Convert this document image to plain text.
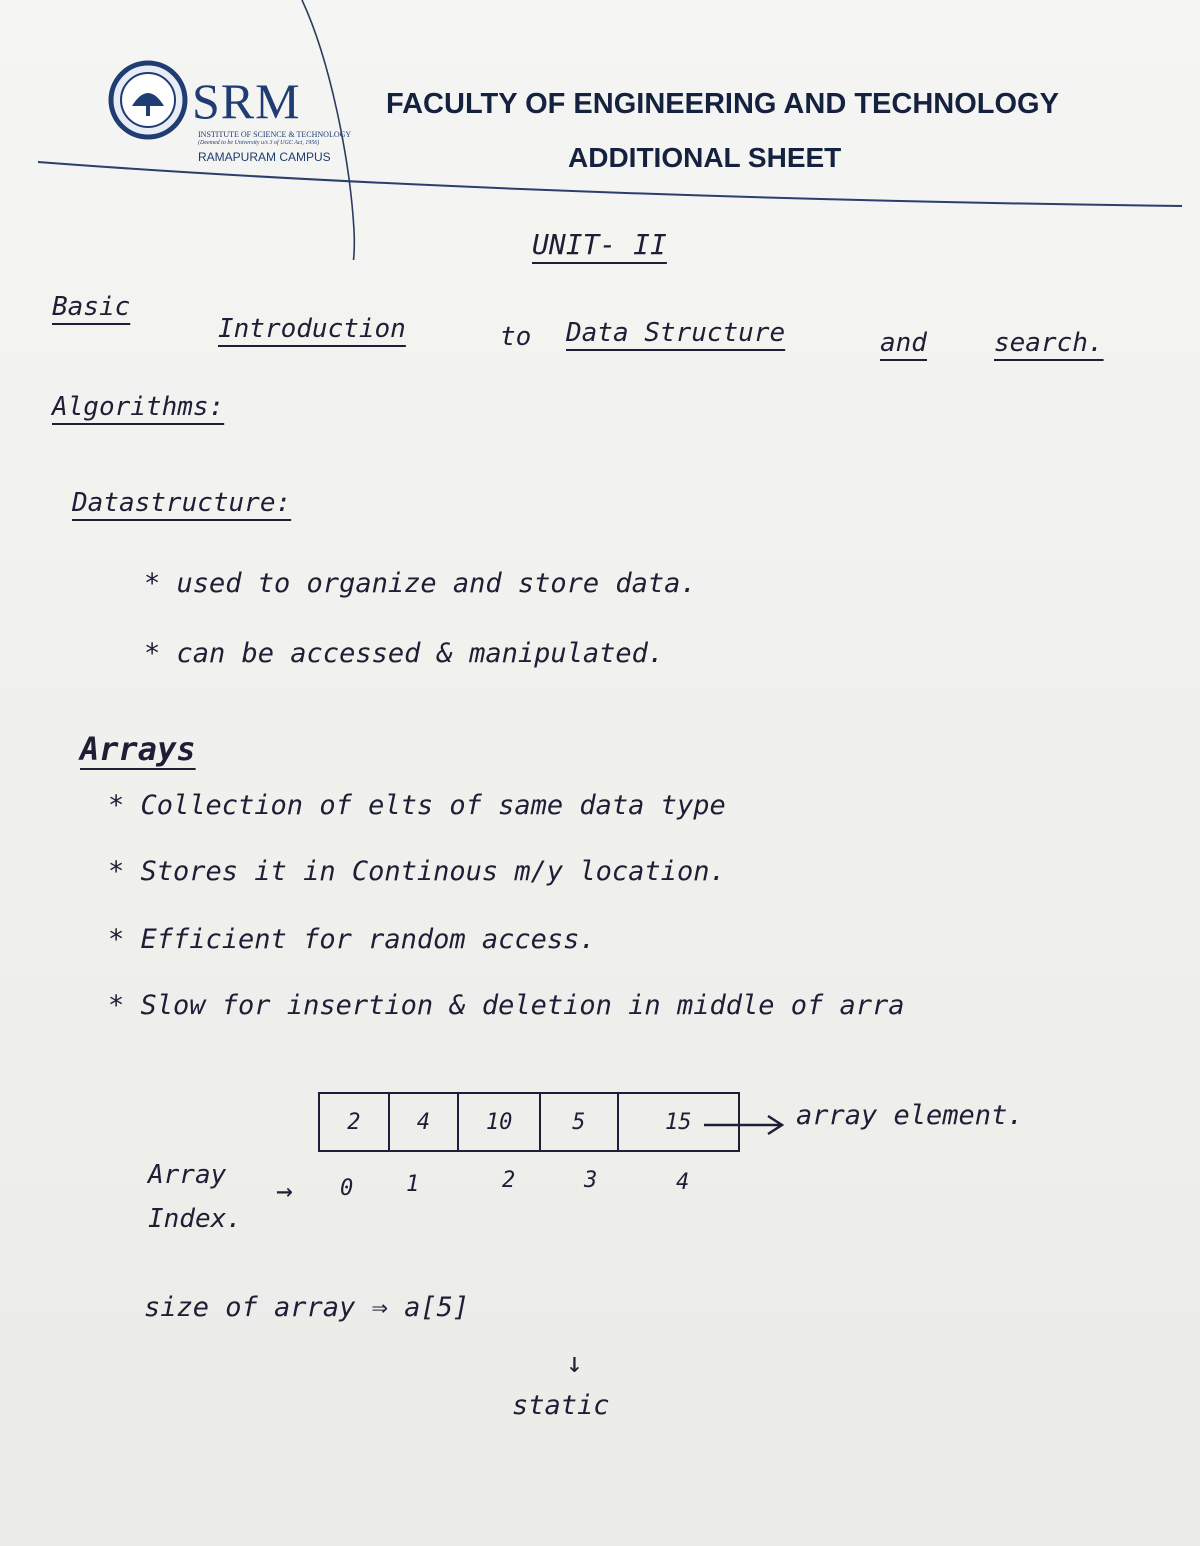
SRM
INSTITUTE OF SCIENCE & TECHNOLOGY
(Deemed to be University u/s 3 of UGC Act, 1956)
RAMAPURAM CAMPUS
FACULTY OF ENGINEERING AND TECHNOLOGY
ADDITIONAL SHEET
UNIT- II
Basic
Introduction	to Data Structure	and	search.
Algorithms:
Datastructure:
* used to organize and store data.
* can be accessed & manipulated.
Arrays
* Collection of elts of same data type
* Stores it in Continous m/y location.
* Efficient for random access.
* Slow for insertion & deletion in middle of arra
2	4	10	5	15	array element.
Array
Index.
→ 0 1	2	3	4
size of array ⇒ a[5]
↓
static
